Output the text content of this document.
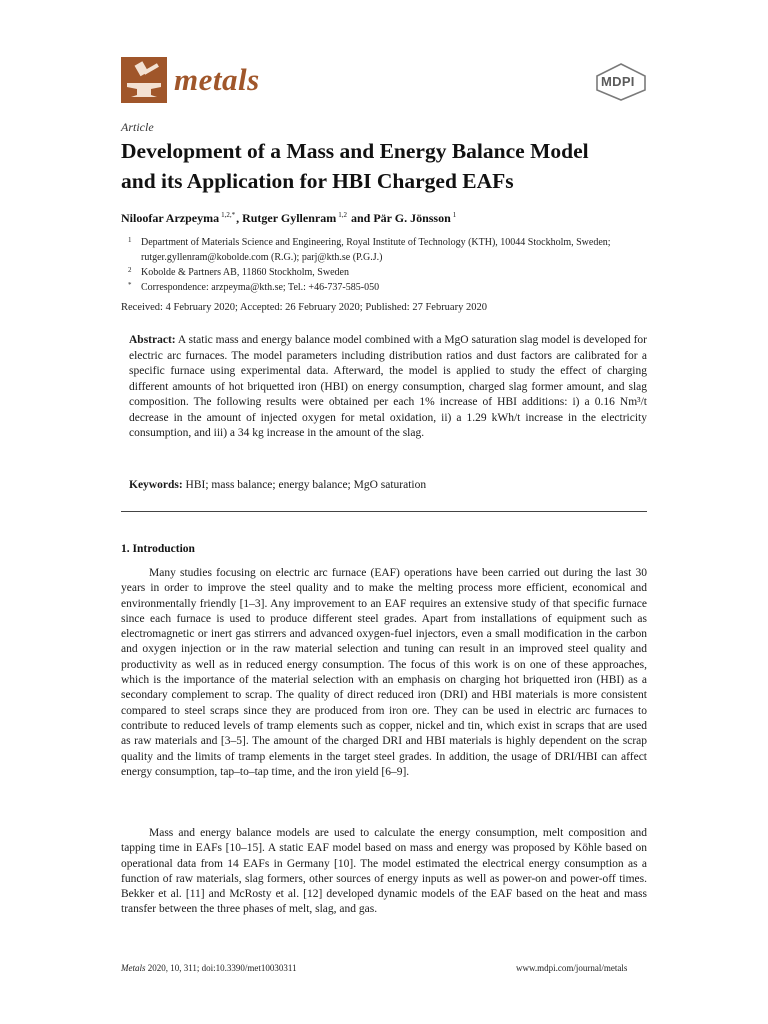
metals	MDPI
Article
Development of a Mass and Energy Balance Model
and its Application for HBI Charged EAFs
Niloofar Arzpeyma $^{1,2,*}$, Rutger Gyllenram $^{1,2}$ and Pär G. Jönsson $^1$
1 Department of Materials Science and Engineering, Royal Institute of Technology (KTH), 10044 Stockholm, Sweden; rutger.gyllenram@kobolde.com (R.G.); parj@kth.se (P.G.J.)
2 Kobolde & Partners AB, 11860 Stockholm, Sweden
* Correspondence: arzpeyma@kth.se; Tel.: +46-737-585-050
Received: 4 February 2020; Accepted: 26 February 2020; Published: 27 February 2020

Abstract: A static mass and energy balance model combined with a MgO saturation slag model is developed for electric arc furnaces. The model parameters including distribution ratios and dust factors are calibrated for a specific furnace using experimental data. Afterward, the model is applied to study the effect of charging different amounts of hot briquetted iron (HBI) on energy consumption, charged slag former amount, and slag composition. The following results were obtained per each 1% increase of HBI additions: i) a 0.16 Nm³/t decrease in the amount of injected oxygen for metal oxidation, ii) a 1.29 kWh/t increase in the electricity consumption, and iii) a 34 kg increase in the amount of the slag.

Keywords: HBI; mass balance; energy balance; MgO saturation
1. Introduction

Many studies focusing on electric arc furnace (EAF) operations have been carried out during the last 30 years in order to improve the steel quality and to make the melting process more efficient, economical and environmentally friendly [1–3]. Any improvement to an EAF requires an extensive study of that specific furnace since each furnace is used to produce different steel grades. Apart from installations of equipment such as electromagnetic or inert gas stirrers and advanced oxygen-fuel injectors, even a small modification in the carbon and oxygen injection or in the raw material selection and tuning can result in an improved steel quality and productivity as well as in reduced energy consumption. The focus of this work is on one of these approaches, which is the importance of the material selection with an emphasis on charging hot briquetted iron (HBI) as a secondary complement to scrap. The quality of direct reduced iron (DRI) and HBI materials is more consistent compared to steel scraps since they are produced from iron ore. They can be used in electric arc furnaces to contribute to reduced levels of tramp elements such as copper, nickel and tin, which exist in scraps that are used as raw materials and [3–5]. The amount of the charged DRI and HBI materials is highly dependent on the scrap quality and the limits of tramp elements in the target steel grades. In addition, the usage of DRI/HBI can affect energy consumption, tap–to–tap time, and the iron yield [6–9].

Mass and energy balance models are used to calculate the energy consumption, melt composition and tapping time in EAFs [10–15]. A static EAF model based on mass and energy was proposed by Köhle based on operational data from 14 EAFs in Germany [10]. The model estimated the electrical energy consumption as a function of raw materials, slag formers, other sources of energy inputs as well as power-on and power-off times. Bekker et al. [11] and McRosty et al. [12] developed dynamic models of the EAF based on the heat and mass transfer between the three phases of melt, slag, and gas.

Metals 2020, 10, 311; doi:10.3390/met10030311	www.mdpi.com/journal/metals
